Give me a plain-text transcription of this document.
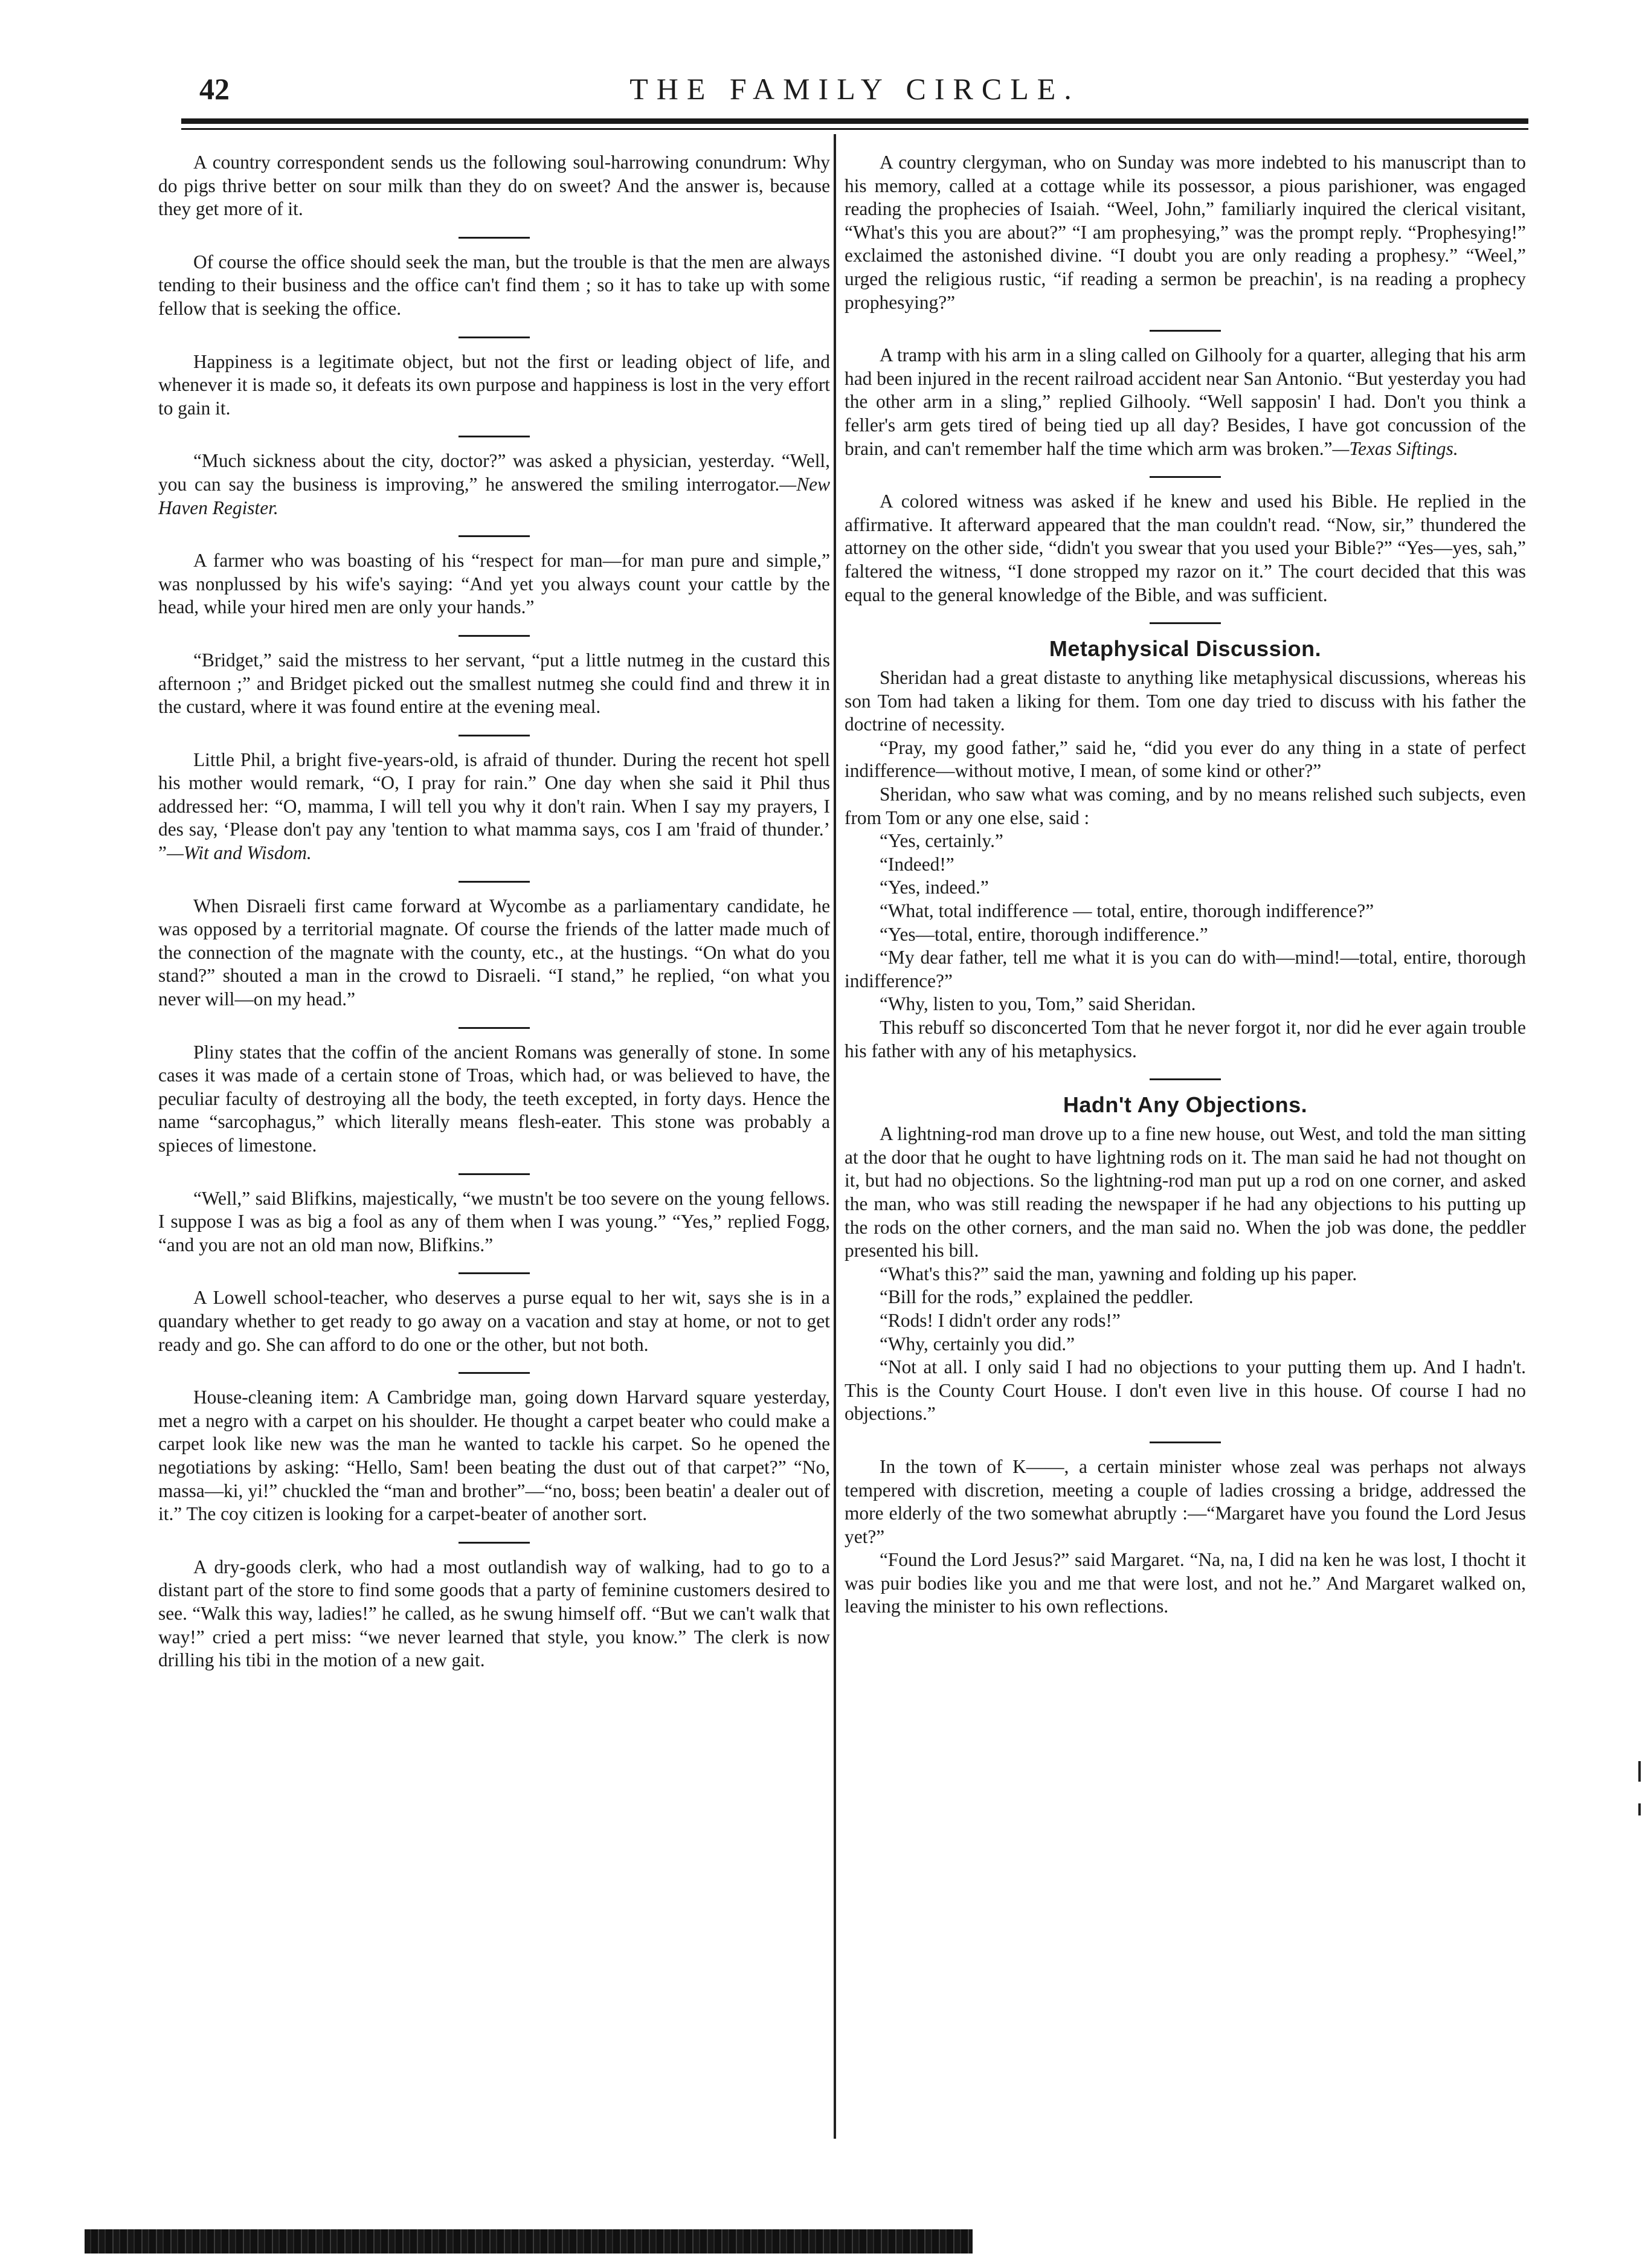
42	THE FAMILY CIRCLE.

A country correspondent sends us the following soul-harrowing conundrum: Why do pigs thrive better on sour milk than they do on sweet? And the answer is, because they get more of it.

Of course the office should seek the man, but the trouble is that the men are always tending to their business and the office can't find them ; so it has to take up with some fellow that is seeking the office.

Happiness is a legitimate object, but not the first or leading object of life, and whenever it is made so, it defeats its own purpose and happiness is lost in the very effort to gain it.

“Much sickness about the city, doctor?” was asked a physician, yesterday. “Well, you can say the business is improving,” he answered the smiling interrogator.—New Haven Register.

A farmer who was boasting of his “respect for man—for man pure and simple,” was nonplussed by his wife's saying: “And yet you always count your cattle by the head, while your hired men are only your hands.”

“Bridget,” said the mistress to her servant, “put a little nutmeg in the custard this afternoon ;” and Bridget picked out the smallest nutmeg she could find and threw it in the custard, where it was found entire at the evening meal.

Little Phil, a bright five-years-old, is afraid of thunder. During the recent hot spell his mother would remark, “O, I pray for rain.” One day when she said it Phil thus addressed her: “O, mamma, I will tell you why it don't rain. When I say my prayers, I des say, ‘Please don't pay any 'tention to what mamma says, cos I am 'fraid of thunder.’ ”—Wit and Wisdom.

When Disraeli first came forward at Wycombe as a parliamentary candidate, he was opposed by a territorial magnate. Of course the friends of the latter made much of the connection of the magnate with the county, etc., at the hustings. “On what do you stand?” shouted a man in the crowd to Disraeli. “I stand,” he replied, “on what you never will—on my head.”

Pliny states that the coffin of the ancient Romans was generally of stone. In some cases it was made of a certain stone of Troas, which had, or was believed to have, the peculiar faculty of destroying all the body, the teeth excepted, in forty days. Hence the name “sarcophagus,” which literally means flesh-eater. This stone was probably a spieces of limestone.

“Well,” said Blifkins, majestically, “we mustn't be too severe on the young fellows. I suppose I was as big a fool as any of them when I was young.” “Yes,” replied Fogg, “and you are not an old man now, Blifkins.”

A Lowell school-teacher, who deserves a purse equal to her wit, says she is in a quandary whether to get ready to go away on a vacation and stay at home, or not to get ready and go. She can afford to do one or the other, but not both.

House-cleaning item: A Cambridge man, going down Harvard square yesterday, met a negro with a carpet on his shoulder. He thought a carpet beater who could make a carpet look like new was the man he wanted to tackle his carpet. So he opened the negotiations by asking: “Hello, Sam! been beating the dust out of that carpet?” “No, massa—ki, yi!” chuckled the “man and brother”—“no, boss; been beatin' a dealer out of it.” The coy citizen is looking for a carpet-beater of another sort.

A dry-goods clerk, who had a most outlandish way of walking, had to go to a distant part of the store to find some goods that a party of feminine customers desired to see. “Walk this way, ladies!” he called, as he swung himself off. “But we can't walk that way!” cried a pert miss: “we never learned that style, you know.” The clerk is now drilling his tibi in the motion of a new gait.

A country clergyman, who on Sunday was more indebted to his manuscript than to his memory, called at a cottage while its possessor, a pious parishioner, was engaged reading the prophecies of Isaiah. “Weel, John,” familiarly inquired the clerical visitant, “What's this you are about?” “I am prophesying,” was the prompt reply. “Prophesying!” exclaimed the astonished divine. “I doubt you are only reading a prophesy.” “Weel,” urged the religious rustic, “if reading a sermon be preachin', is na reading a prophecy prophesying?”

A tramp with his arm in a sling called on Gilhooly for a quarter, alleging that his arm had been injured in the recent railroad accident near San Antonio. “But yesterday you had the other arm in a sling,” replied Gilhooly. “Well sapposin' I had. Don't you think a feller's arm gets tired of being tied up all day? Besides, I have got concussion of the brain, and can't remember half the time which arm was broken.”—Texas Siftings.

A colored witness was asked if he knew and used his Bible. He replied in the affirmative. It afterward appeared that the man couldn't read. “Now, sir,” thundered the attorney on the other side, “didn't you swear that you used your Bible?” “Yes—yes, sah,” faltered the witness, “I done stropped my razor on it.” The court decided that this was equal to the general knowledge of the Bible, and was sufficient.

Metaphysical Discussion.

Sheridan had a great distaste to anything like metaphysical discussions, whereas his son Tom had taken a liking for them. Tom one day tried to discuss with his father the doctrine of necessity.

“Pray, my good father,” said he, “did you ever do any thing in a state of perfect indifference—without motive, I mean, of some kind or other?”

Sheridan, who saw what was coming, and by no means relished such subjects, even from Tom or any one else, said :

“Yes, certainly.”

“Indeed!”

“Yes, indeed.”

“What, total indifference — total, entire, thorough indifference?”

“Yes—total, entire, thorough indifference.”

“My dear father, tell me what it is you can do with—mind!—total, entire, thorough indifference?”

“Why, listen to you, Tom,” said Sheridan.

This rebuff so disconcerted Tom that he never forgot it, nor did he ever again trouble his father with any of his metaphysics.

Hadn't Any Objections.

A lightning-rod man drove up to a fine new house, out West, and told the man sitting at the door that he ought to have lightning rods on it. The man said he had not thought on it, but had no objections. So the lightning-rod man put up a rod on one corner, and asked the man, who was still reading the newspaper if he had any objections to his putting up the rods on the other corners, and the man said no. When the job was done, the peddler presented his bill.

“What's this?” said the man, yawning and folding up his paper.

“Bill for the rods,” explained the peddler.

“Rods! I didn't order any rods!”

“Why, certainly you did.”

“Not at all. I only said I had no objections to your putting them up. And I hadn't. This is the County Court House. I don't even live in this house. Of course I had no objections.”

In the town of K——, a certain minister whose zeal was perhaps not always tempered with discretion, meeting a couple of ladies crossing a bridge, addressed the more elderly of the two somewhat abruptly :—“Margaret have you found the Lord Jesus yet?”

“Found the Lord Jesus?” said Margaret. “Na, na, I did na ken he was lost, I thocht it was puir bodies like you and me that were lost, and not he.” And Margaret walked on, leaving the minister to his own reflections.
